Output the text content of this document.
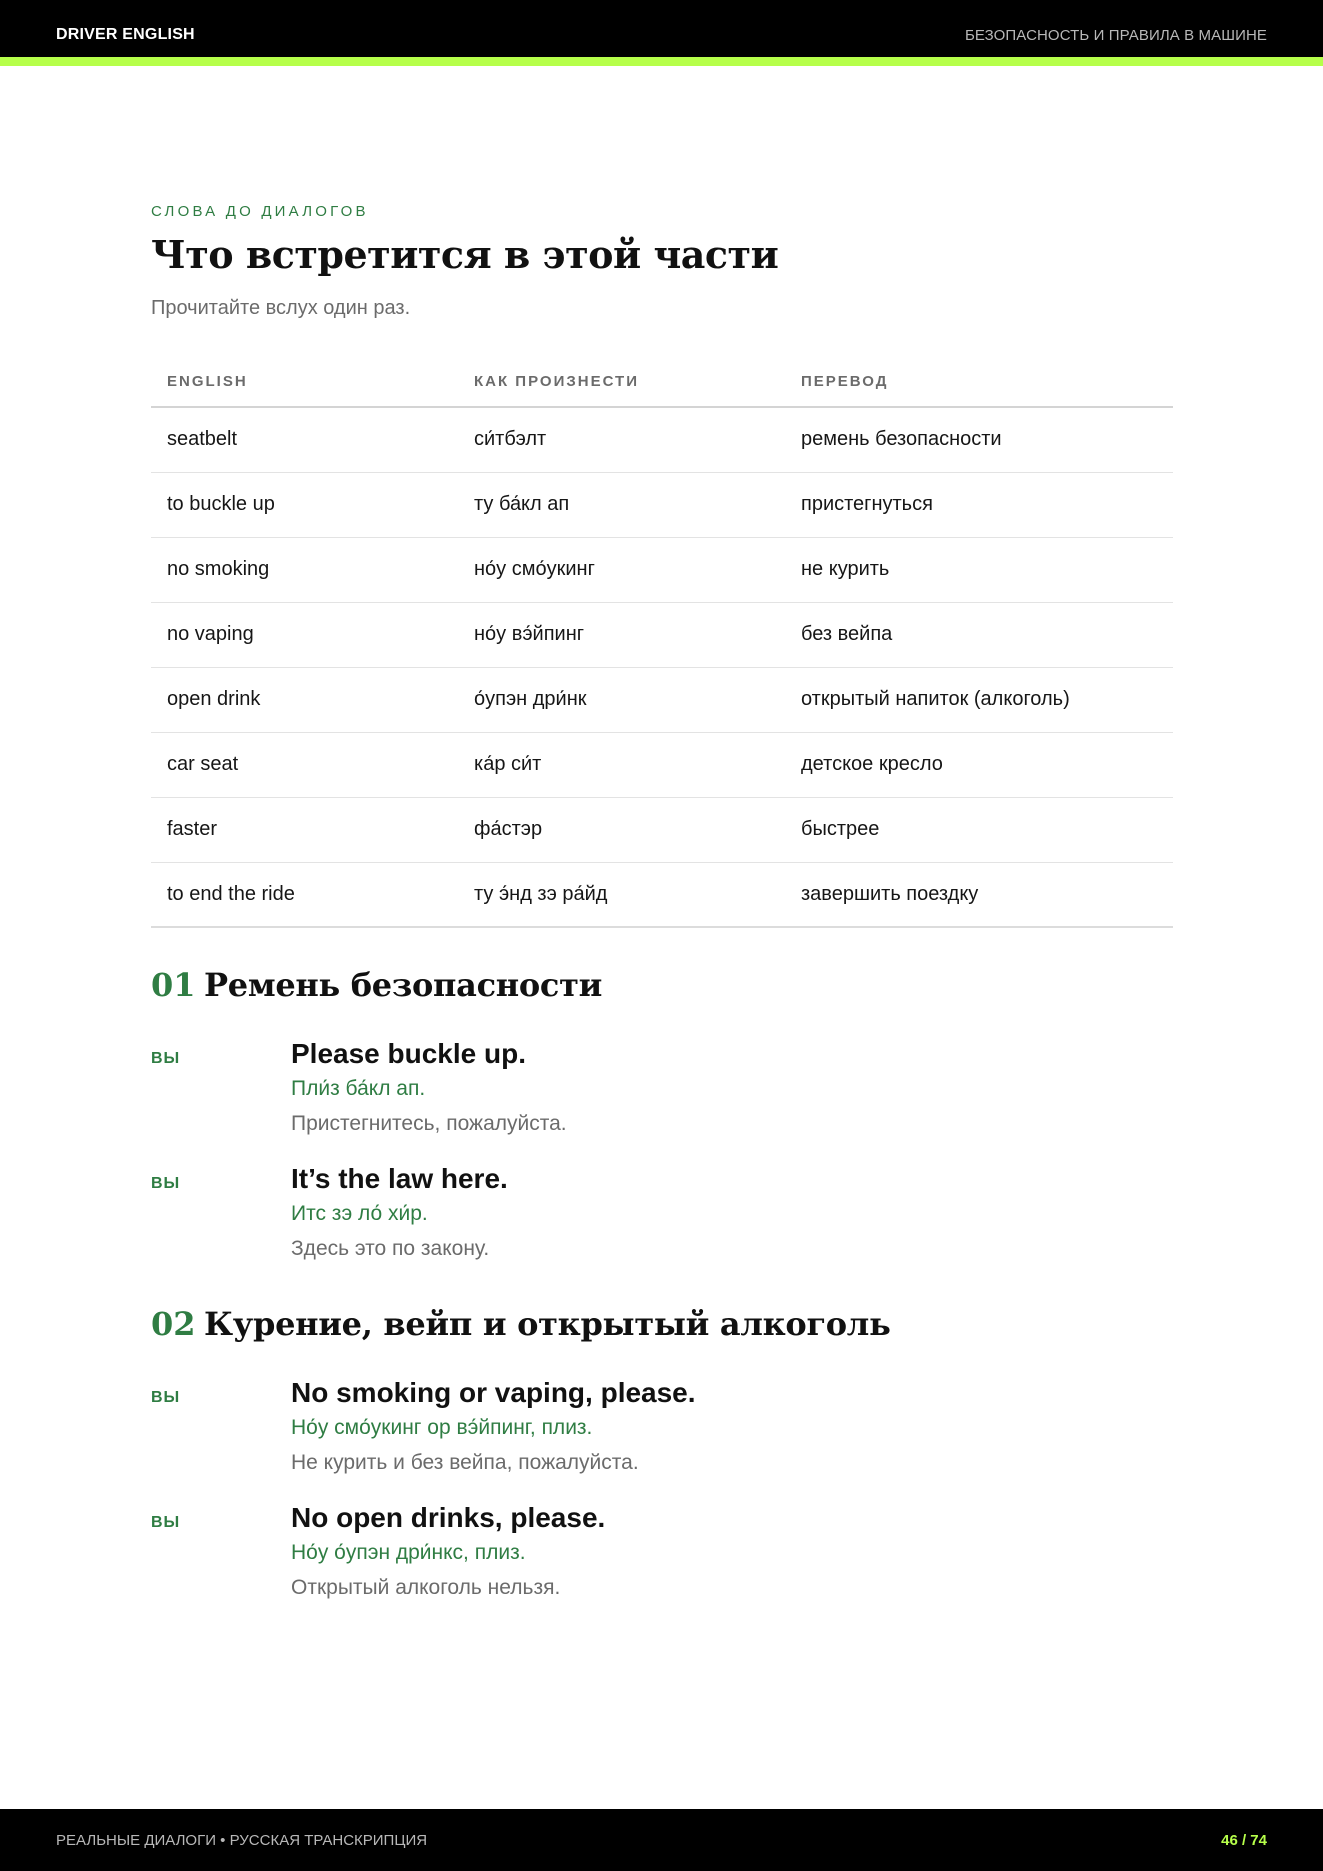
DRIVER ENGLISH	БЕЗОПАСНОСТЬ И ПРАВИЛА В МАШИНЕ
СЛОВА ДО ДИАЛОГОВ
Что встретится в этой части
Прочитайте вслух один раз.
ENGLISH	КАК ПРОИЗНЕСТИ	ПЕРЕВОД
seatbelt	си́тбэлт	ремень безопасности
to buckle up	ту ба́кл ап	пристегнуться
no smoking	но́у смо́укинг	не курить
no vaping	но́у вэ́йпинг	без вейпа
open drink	о́упэн дри́нк	открытый напиток (алкоголь)
car seat	ка́р си́т	детское кресло
faster	фа́стэр	быстрее
to end the ride	ту э́нд зэ ра́йд	завершить поездку
01 Ремень безопасности
ВЫ	Please buckle up.
Пли́з ба́кл ап.
Пристегнитесь, пожалуйста.
ВЫ	It’s the law here.
Итс зэ ло́ хи́р.
Здесь это по закону.
02 Курение, вейп и открытый алкоголь
ВЫ	No smoking or vaping, please.
Но́у смо́укинг ор вэ́йпинг, плиз.
Не курить и без вейпа, пожалуйста.
ВЫ	No open drinks, please.
Но́у о́упэн дри́нкс, плиз.
Открытый алкоголь нельзя.
РЕАЛЬНЫЕ ДИАЛОГИ • РУССКАЯ ТРАНСКРИПЦИЯ	46 / 74
